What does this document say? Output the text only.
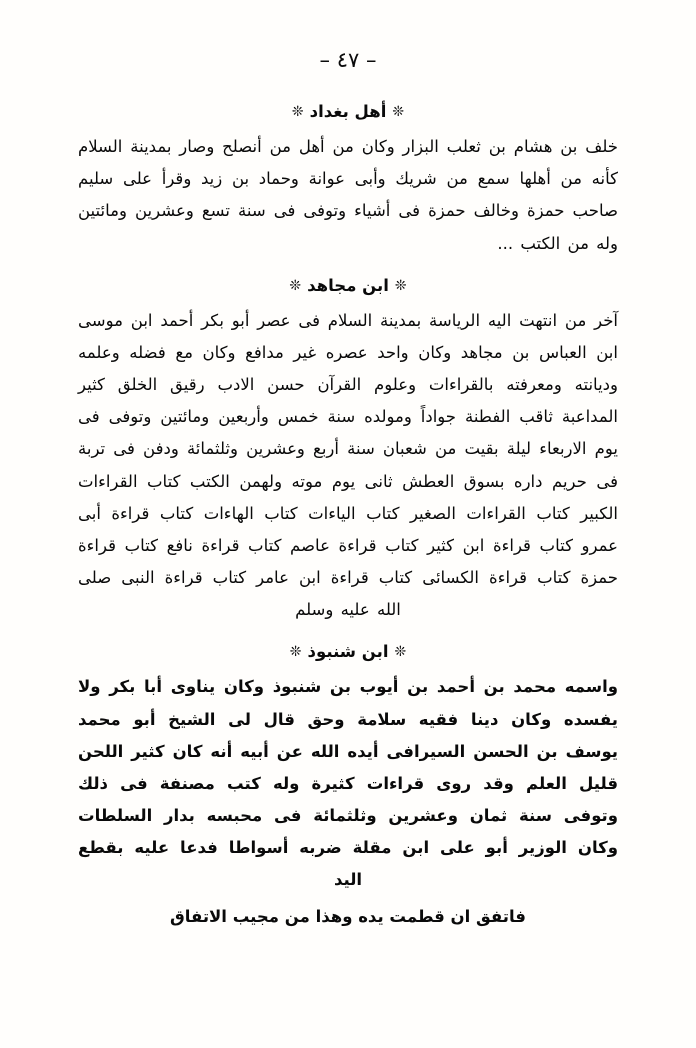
– ٤٧ –
❊أهل بغداد❊

خلف بن هشام بن ثعلب البزار وكان من أهل من أنصلح وصار بمدينة السلام كأنه من أهلها سمع من شريك وأبى عوانة وحماد بن زيد وقرأ على سليم صاحب حمزة وخالف حمزة فى أشياء وتوفى فى سنة تسع وعشرين ومائتين وله من الكتب ...

❊ابن مجاهد❊

آخر من انتهت اليه الرياسة بمدينة السلام فى عصر أبو بكر أحمد ابن موسى ابن العباس بن مجاهد وكان واحد عصره غير مدافع وكان مع فضله وعلمه وديانته ومعرفته بالقراءات وعلوم القرآن حسن الادب رقيق الخلق كثير المداعبة ثاقب الفطنة جواداً ومولده سنة خمس وأربعين ومائتين وتوفى فى يوم الاربعاء ليلة بقيت من شعبان سنة أربع وعشرين وثلثمائة ودفن فى تربة فى حريم داره بسوق العطش ثانى يوم موته ولهمن الكتب كتاب القراءات الكبير كتاب القراءات الصغير كتاب الياءات كتاب الهاءات كتاب قراءة أبى عمرو كتاب قراءة ابن كثير كتاب قراءة عاصم كتاب قراءة نافع كتاب قراءة حمزة كتاب قراءة الكسائى كتاب قراءة ابن عامر كتاب قراءة النبى صلى الله عليه وسلم

❊ابن شنبوذ❊

واسمه محمد بن أحمد بن أيوب بن شنبوذ وكان يناوى أبا بكر ولا يفسده وكان دينا فقيه سلامة وحق قال لى الشيخ أبو محمد يوسف بن الحسن السيرافى أيده الله عن أبيه أنه كان كثير اللحن قليل العلم وقد روى قراءات كثيرة وله كتب مصنفة فى ذلك وتوفى سنة ثمان وعشرين وثلثمائة فى محبسه بدار السلطات وكان الوزير أبو على ابن مقلة ضربه أسواطا فدعا عليه بقطع اليد

فاتفق ان قطمت يده وهذا من مجيب الاتفاق
